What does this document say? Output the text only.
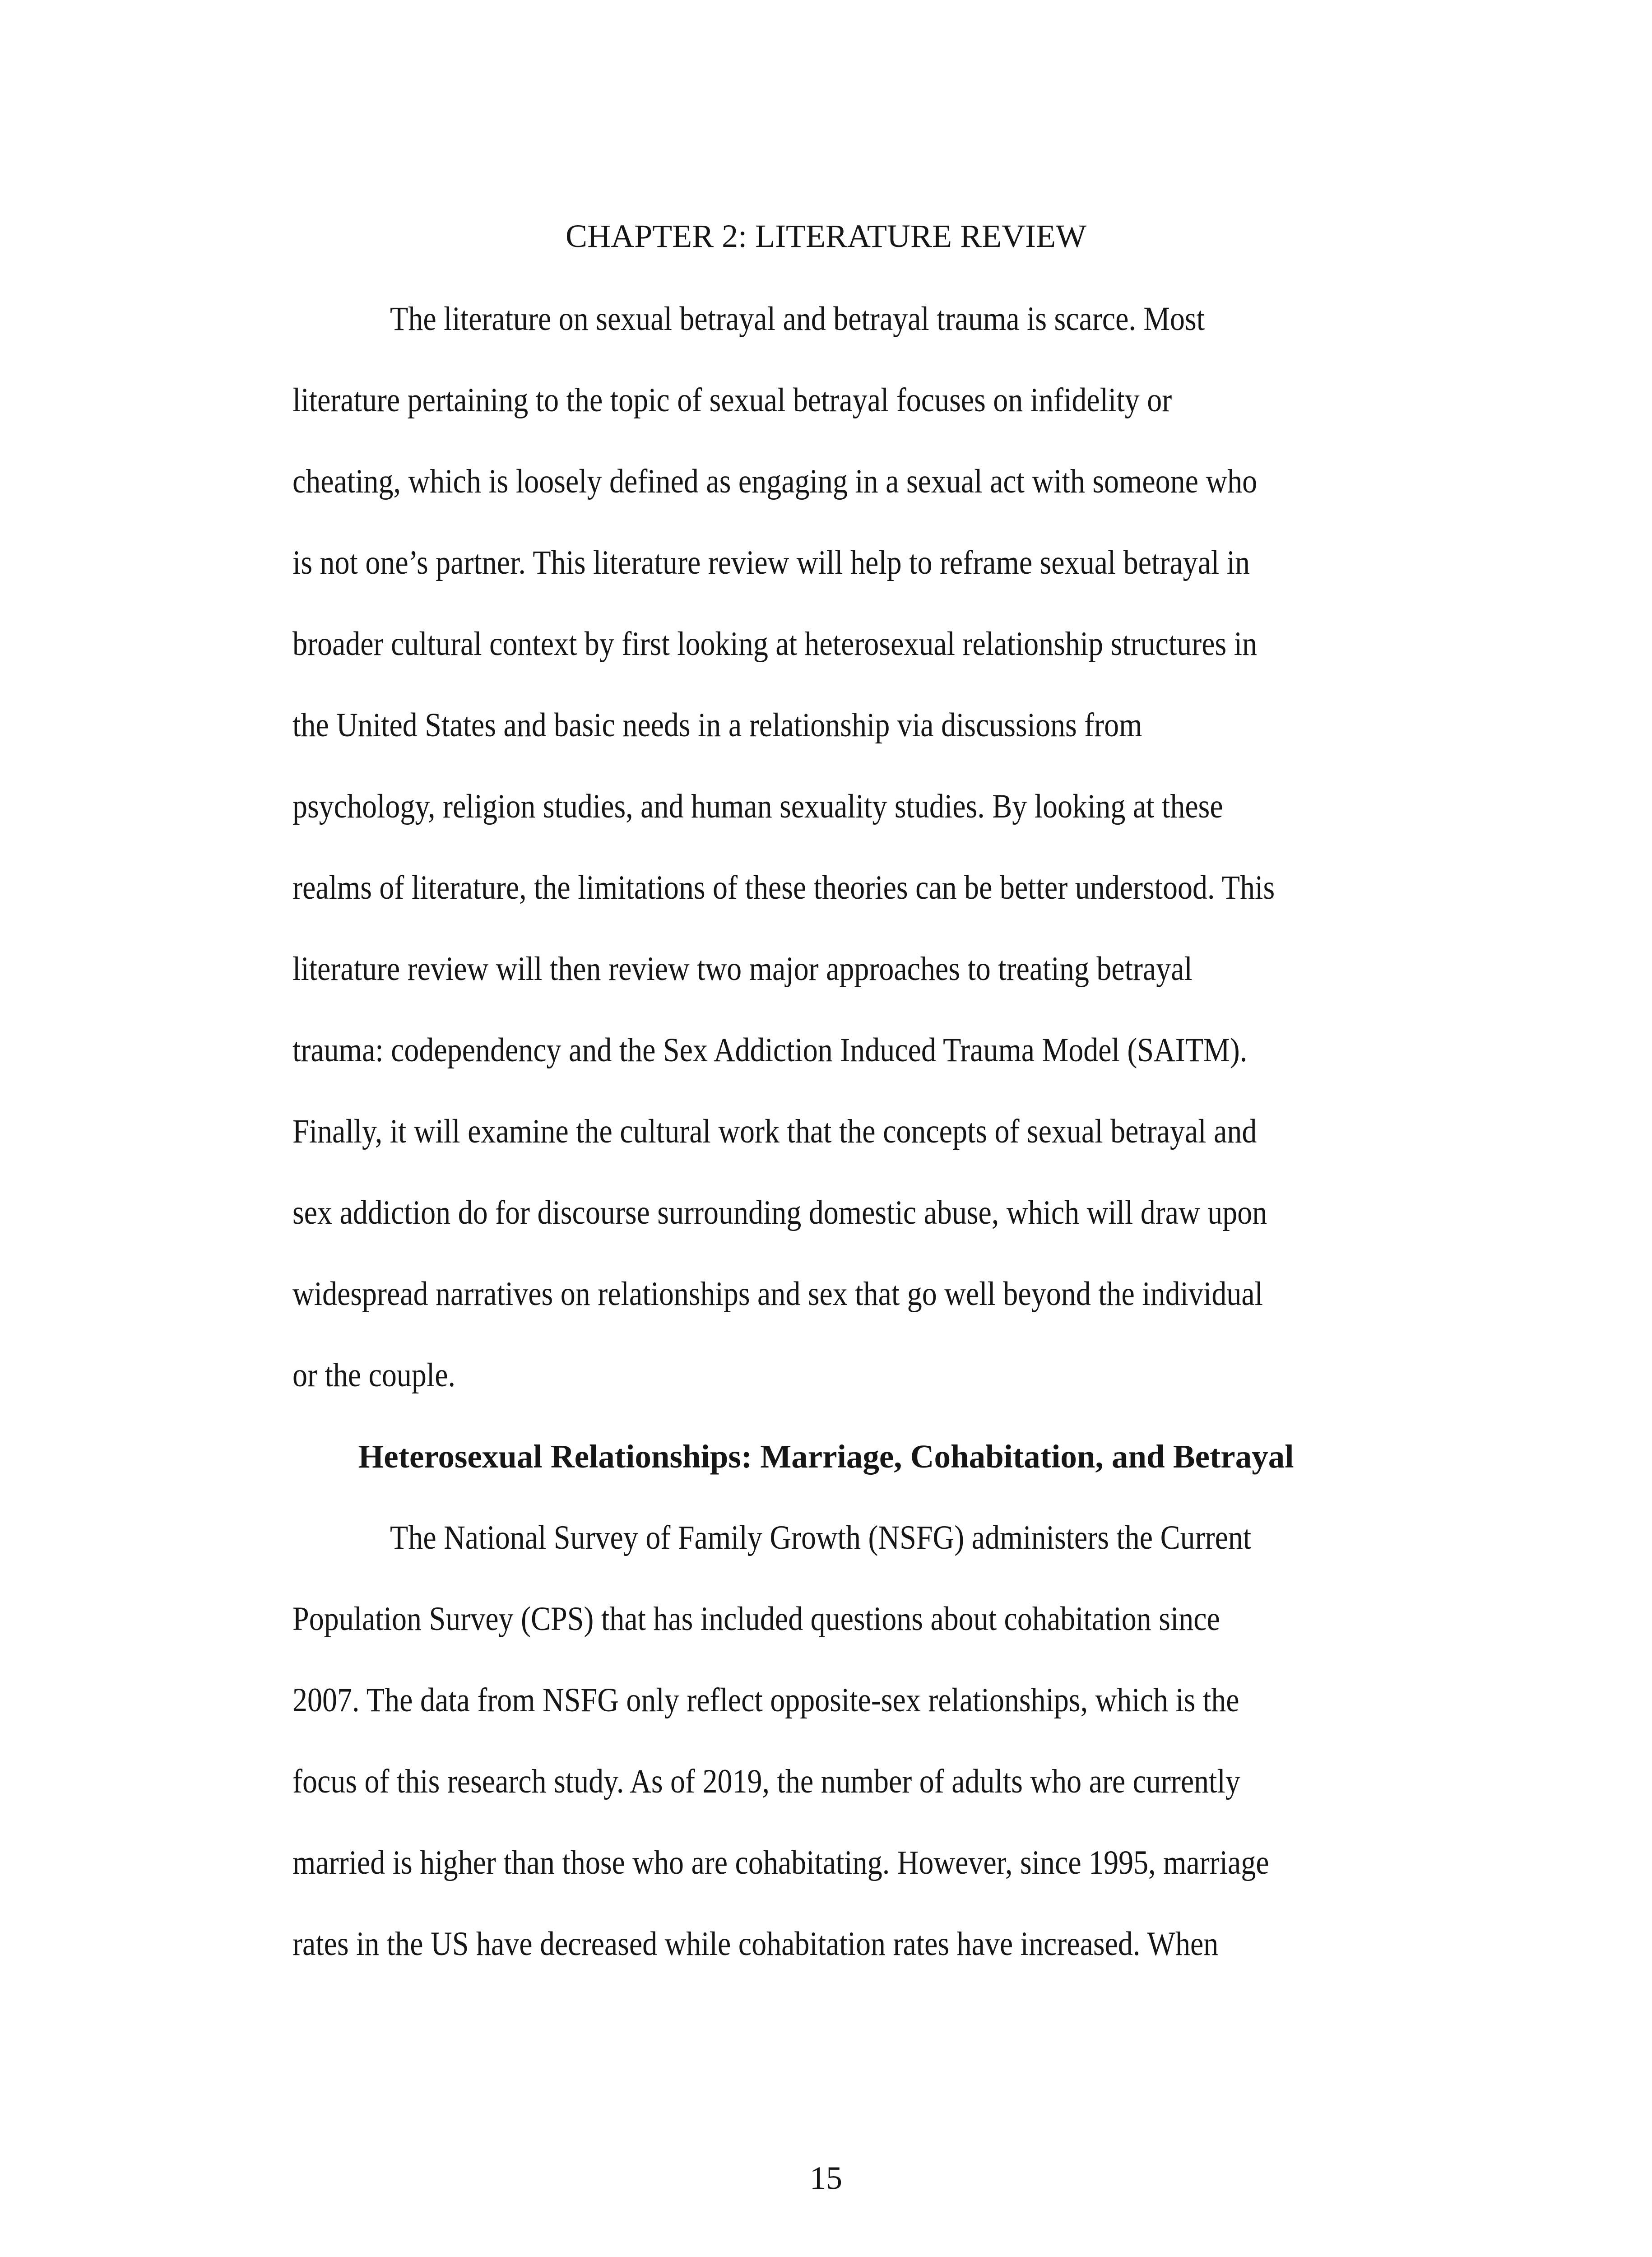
CHAPTER 2: LITERATURE REVIEW

The literature on sexual betrayal and betrayal trauma is scarce. Most

literature pertaining to the topic of sexual betrayal focuses on infidelity or

cheating, which is loosely defined as engaging in a sexual act with someone who

is not one’s partner. This literature review will help to reframe sexual betrayal in

broader cultural context by first looking at heterosexual relationship structures in

the United States and basic needs in a relationship via discussions from

psychology, religion studies, and human sexuality studies. By looking at these

realms of literature, the limitations of these theories can be better understood. This

literature review will then review two major approaches to treating betrayal

trauma: codependency and the Sex Addiction Induced Trauma Model (SAITM).

Finally, it will examine the cultural work that the concepts of sexual betrayal and

sex addiction do for discourse surrounding domestic abuse, which will draw upon

widespread narratives on relationships and sex that go well beyond the individual

or the couple.

Heterosexual Relationships: Marriage, Cohabitation, and Betrayal

The National Survey of Family Growth (NSFG) administers the Current

Population Survey (CPS) that has included questions about cohabitation since

2007. The data from NSFG only reflect opposite-sex relationships, which is the

focus of this research study. As of 2019, the number of adults who are currently

married is higher than those who are cohabitating. However, since 1995, marriage

rates in the US have decreased while cohabitation rates have increased. When

15
